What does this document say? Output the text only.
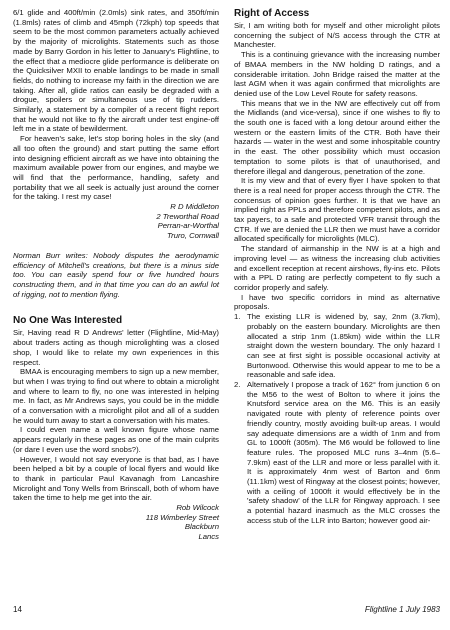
6/1 glide and 400ft/min (2.0mls) sink rates, and 350ft/min (1.8mls) rates of climb and 45mph (72kph) top speeds that seem to be the most common parameters actually achieved by the majority of microlights. Statements such as those made by Barry Gordon in his letter to January's Flightline, to the effect that a mediocre glide performance is deliberate on the Quicksilver MXII to enable landings to be made in small fields, do nothing to increase my faith in the direction we are taking. After all, glide ratios can easily be degraded with a drogue, spoilers or simultaneous use of tip rudders. Similarly, a statement by a compiler of a recent flight report that he would not like to fly the aircraft under test engine-off left me in a state of bewilderment.

For heaven's sake, let's stop boring holes in the sky (and all too often the ground) and start putting the same effort into designing efficient aircraft as we have into obtaining the maximum available power from our engines, and maybe we will find that the performance, handling, safety and portability that we all seek is actually just around the corner for the taking. I rest my case!

R D Middleton
2 Treworthal Road
Perran-ar-Worthal
Truro, Cornwall

Norman Burr writes: Nobody disputes the aerodynamic efficiency of Mitchell's creations, but there is a minus side too. You can easily spend four or five hundred hours constructing them, and in that time you can do an awful lot of rigging, not to mention flying.

No One Was Interested

Sir, Having read R D Andrews' letter (Flightline, Mid-May) about traders acting as though microlighting was a closed shop, I would like to relate my own experiences in this respect.

BMAA is encouraging members to sign up a new member, but when I was trying to find out where to obtain a microlight and where to learn to fly, no one was interested in helping me. In fact, as Mr Andrews says, you could be in the middle of a conversation with a microlight pilot and all of a sudden he would turn away to start a conversation with his mates.

I could even name a well known figure whose name appears regularly in these pages as one of the main culprits (or dare I even use the word snobs?).

However, I would not say everyone is that bad, as I have been helped a bit by a couple of local flyers and would like to thank in particular Paul Kavanagh from Lancashire Microlight and Tony Wells from Brinscall, both of whom have taken the time to help me get into the air.

Rob Wilcock
118 Wimberley Street
Blackburn
Lancs
Right of Access

Sir, I am writing both for myself and other microlight pilots concerning the subject of N/S access through the CTR at Manchester.

This is a continuing grievance with the increasing number of BMAA members in the NW holding D ratings, and a considerable irritation. John Bridge raised the matter at the last AGM when it was again confirmed that microlights are denied use of the Low Level Route for safety reasons.

This means that we in the NW are effectively cut off from the Midlands (and vice-versa), since if one wishes to fly to the south one is faced with a long detour around either the western or the eastern limits of the CTR. Both have their hazards — water in the west and some inhospitable country in the east. The other possibility which must occasion temptation to some pilots is that of unauthorised, and therefore illegal and dangerous, penetration of the zone.

It is my view and that of every flyer I have spoken to that there is a real need for proper access through the CTR. The concensus of opinion goes further. It is that we have an implied right as PPLs and therefore competent pilots, and as tax payers, to a safe and protected VFR transit through the CTR. If we are denied the LLR then we must have a corridor allocated specifically for microlights (MLC).

The standard of airmanship in the NW is at a high and improving level — as witness the increasing club activities and excellent reception at recent airshows, fly-ins etc. Pilots with a PPL D rating are perfectly competent to fly such a corridor properly and safely.

I have two specific corridors in mind as alternative proposals.

1. The existing LLR is widened by, say, 2nm (3.7km), probably on the eastern boundary. Microlights are then allocated a strip 1nm (1.85km) wide within the LLR straight down the western boundary. The only hazard I can see at first sight is possible occasional activity at Burtonwood. Otherwise this would appear to me to be a reasonable and safe idea.
2. Alternatively I propose a track of 162° from junction 6 on the M56 to the west of Bolton to where it joins the Knutsford service area on the M6. This is an easily navigated route with plenty of reference points over friendly country, mostly avoiding built-up areas. I would say adequate dimensions are a width of 1nm and from GL to 1000ft (305m). The M6 would be followed to line feature rules. The proposed MLC runs 3–4nm (5.6–7.9km) east of the LLR and more or less parallel with it. It is approximately 4nm west of Barton and 6nm (11.1km) west of Ringway at the closest points; however, with a ceiling of 1000ft it would effectively be in the 'safety shadow' of the LLR for Ringway approach. I see a potential hazard inasmuch as the MLC crosses the access stub of the LLR into Barton; however good air-
14	Flightline 1 July 1983
